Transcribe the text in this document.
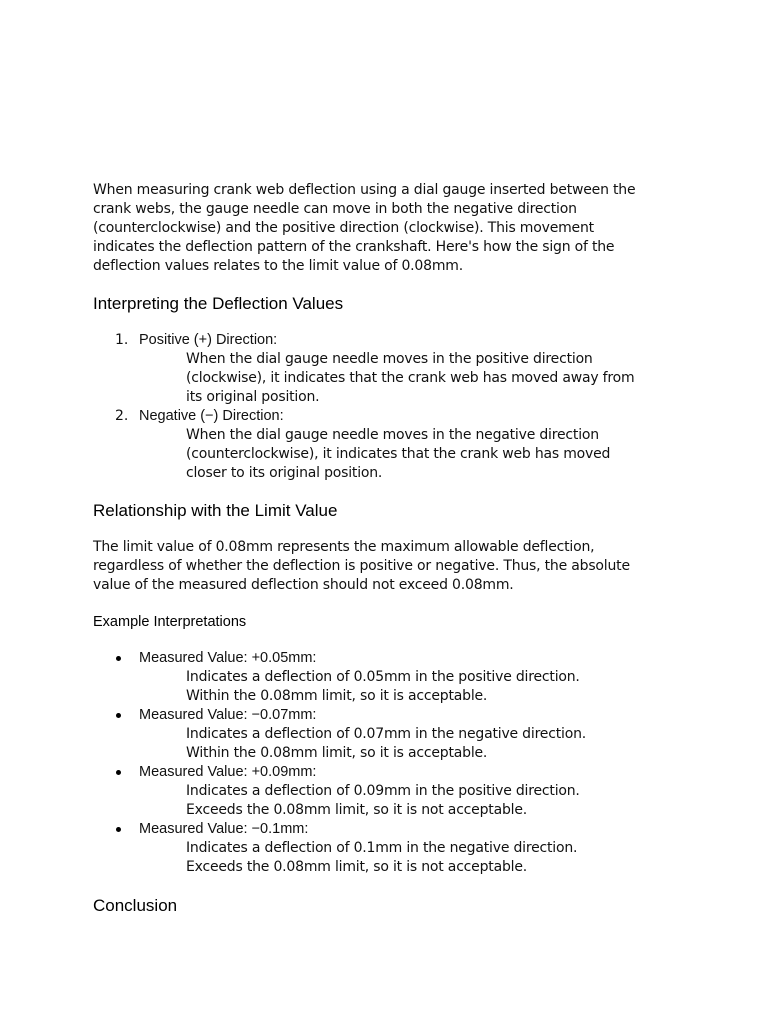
When measuring crank web deflection using a dial gauge inserted between the
crank webs, the gauge needle can move in both the negative direction
(counterclockwise) and the positive direction (clockwise). This movement
indicates the deflection pattern of the crankshaft. Here's how the sign of the
deflection values relates to the limit value of 0.08mm.

Interpreting the Deflection Values
1. Positive (+) Direction:

When the dial gauge needle moves in the positive direction
(clockwise), it indicates that the crank web has moved away from
its original position.

2. Negative (−) Direction:

When the dial gauge needle moves in the negative direction
(counterclockwise), it indicates that the crank web has moved
closer to its original position.

Relationship with the Limit Value

The limit value of 0.08mm represents the maximum allowable deflection,
regardless of whether the deflection is positive or negative. Thus, the absolute
value of the measured deflection should not exceed 0.08mm.

Example Interpretations

Measured Value: +0.05mm:

Indicates a deflection of 0.05mm in the positive direction.
Within the 0.08mm limit, so it is acceptable.

Measured Value: −0.07mm:

Indicates a deflection of 0.07mm in the negative direction.
Within the 0.08mm limit, so it is acceptable.

Measured Value: +0.09mm:

Indicates a deflection of 0.09mm in the positive direction.
Exceeds the 0.08mm limit, so it is not acceptable.

Measured Value: −0.1mm:

Indicates a deflection of 0.1mm in the negative direction.
Exceeds the 0.08mm limit, so it is not acceptable.

Conclusion
